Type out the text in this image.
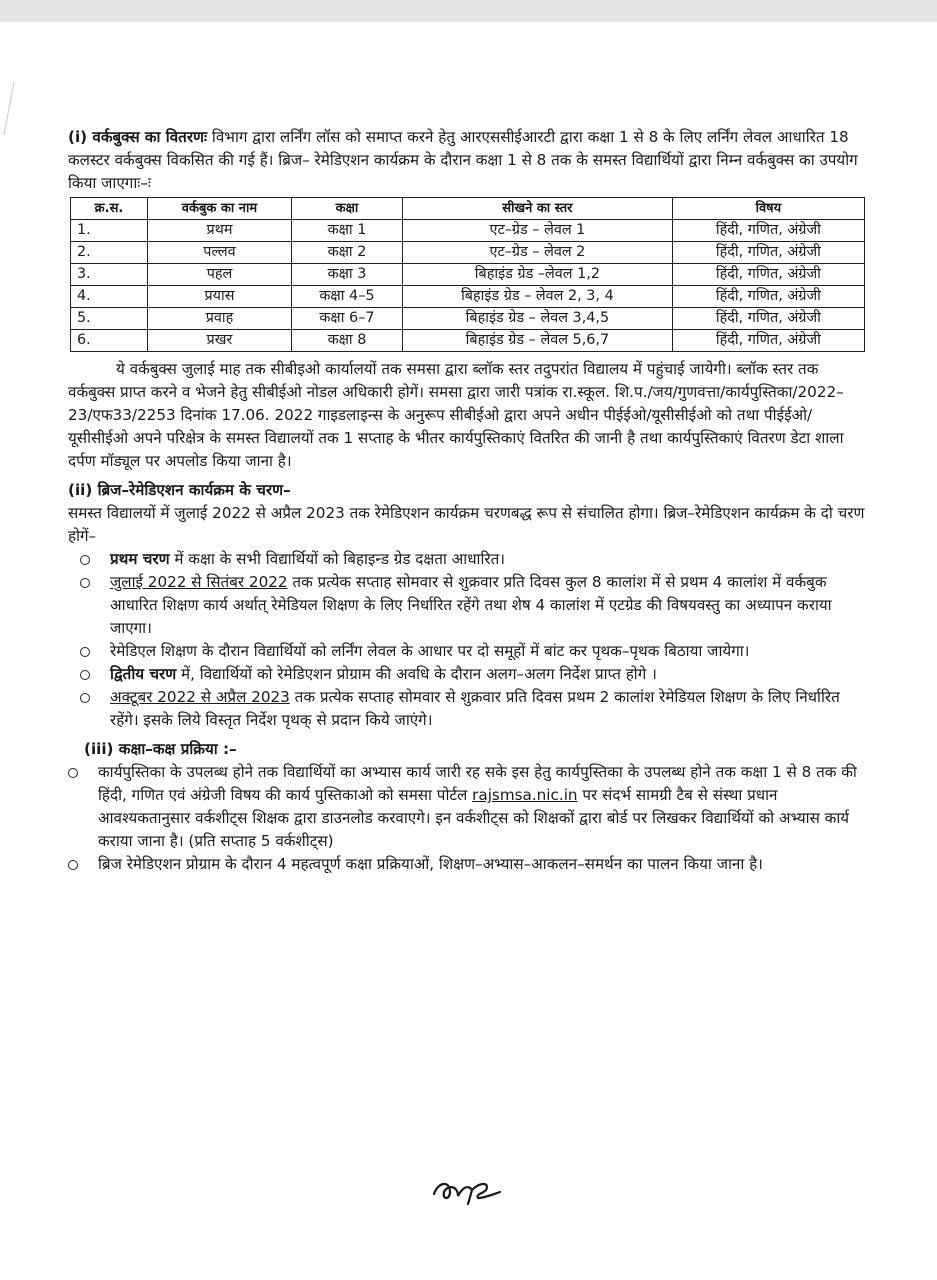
(i) वर्कबुक्स का वितरणः विभाग द्वारा लर्निंग लॉस को समाप्त करने हेतु आरएससीईआरटी द्वारा कक्षा 1 से 8 के लिए लर्निंग लेवल आधारित 18 कलस्टर वर्कबुक्स विकसित की गई हैं। ब्रिज– रेमेडिएशन कार्यक्रम के दौरान कक्षा 1 से 8 तक के समस्त विद्यार्थियों द्वारा निम्न वर्कबुक्स का उपयोग किया जाएगाः–ः

क्र.स.	वर्कबुक का नाम	कक्षा	सीखने का स्तर	विषय
1.	प्रथम	कक्षा 1	एट–ग्रेड – लेवल 1	हिंदी, गणित, अंग्रेजी
2.	पल्लव	कक्षा 2	एट–ग्रेड – लेवल 2	हिंदी, गणित, अंग्रेजी
3.	पहल	कक्षा 3	बिहाइंड ग्रेड –लेवल 1,2	हिंदी, गणित, अंग्रेजी
4.	प्रयास	कक्षा 4–5	बिहाइंड ग्रेड – लेवल 2, 3, 4	हिंदी, गणित, अंग्रेजी
5.	प्रवाह	कक्षा 6–7	बिहाइंड ग्रेड – लेवल 3,4,5	हिंदी, गणित, अंग्रेजी
6.	प्रखर	कक्षा 8	बिहाइंड ग्रेड – लेवल 5,6,7	हिंदी, गणित, अंग्रेजी

ये वर्कबुक्स जुलाई माह तक सीबीइओ कार्यालयों तक समसा द्वारा ब्लॉक स्तर तदुपरांत विद्यालय में पहुंचाई जायेगी। ब्लॉक स्तर तक वर्कबुक्स प्राप्त करने व भेजने हेतु सीबीईओ नोडल अधिकारी होगें। समसा द्वारा जारी पत्रांक रा.स्कूल. शि.प./जय/गुणवत्ता/कार्यपुस्तिका/2022–23/एफ33/2253 दिनांक 17.06. 2022 गाइडलाइन्स के अनुरूप सीबीईओ द्वारा अपने अधीन पीईईओ/यूसीसीईओ को तथा पीईईओ/यूसीसीईओ अपने परिक्षेत्र के समस्त विद्यालयों तक 1 सप्ताह के भीतर कार्यपुस्तिकाएं वितरित की जानी है तथा कार्यपुस्तिकाएं वितरण डेटा शाला दर्पण मॉड्यूल पर अपलोड किया जाना है।

(ii) ब्रिज–रेमेडिएशन कार्यक्रम के चरण–

समस्त विद्यालयों में जुलाई 2022 से अप्रैल 2023 तक रेमेडिएशन कार्यक्रम चरणबद्ध रूप से संचालित होगा। ब्रिज–रेमेडिएशन कार्यक्रम के दो चरण होगें–

प्रथम चरण में कक्षा के सभी विद्यार्थियों को बिहाइन्ड ग्रेड दक्षता आधारित।
जुलाई 2022 से सितंबर 2022 तक प्रत्येक सप्ताह सोमवार से शुक्रवार प्रति दिवस कुल 8 कालांश में से प्रथम 4 कालांश में वर्कबुक आधारित शिक्षण कार्य अर्थात् रेमेडियल शिक्षण के लिए निर्धारित रहेंगे तथा शेष 4 कालांश में एटग्रेड की विषयवस्तु का अध्यापन कराया जाएगा।
रेमेडिएल शिक्षण के दौरान विद्यार्थियों को लर्निंग लेवल के आधार पर दो समूहों में बांट कर पृथक–पृथक बिठाया जायेगा।
द्वितीय चरण में, विद्यार्थियों को रेमेडिएशन प्रोग्राम की अवधि के दौरान अलग–अलग निर्देश प्राप्त होगे ।
अक्टूबर 2022 से अप्रैल 2023 तक प्रत्येक सप्ताह सोमवार से शुक्रवार प्रति दिवस प्रथम 2 कालांश रेमेडियल शिक्षण के लिए निर्धारित रहेंगे। इसके लिये विस्तृत निर्देश पृथक् से प्रदान किये जाएंगे।

(iii) कक्षा–कक्ष प्रक्रिया :–

कार्यपुस्तिका के उपलब्ध होने तक विद्यार्थियों का अभ्यास कार्य जारी रह सके इस हेतु कार्यपुस्तिका के उपलब्ध होने तक कक्षा 1 से 8 तक की हिंदी, गणित एवं अंग्रेजी विषय की कार्य पुस्तिकाओ को समसा पोर्टल rajsmsa.nic.in पर संदर्भ सामग्री टैब से संस्था प्रधान आवश्यकतानुसार वर्कशीट्स शिक्षक द्वारा डाउनलोड करवाएगे। इन वर्कशीट्स को शिक्षकों द्वारा बोर्ड पर लिखकर विद्यार्थियों को अभ्यास कार्य कराया जाना है। (प्रति सप्ताह 5 वर्कशीट्स)
ब्रिज रेमेडिएशन प्रोग्राम के दौरान 4 महत्वपूर्ण कक्षा प्रक्रियाओं, शिक्षण–अभ्यास–आकलन–समर्थन का पालन किया जाना है।
